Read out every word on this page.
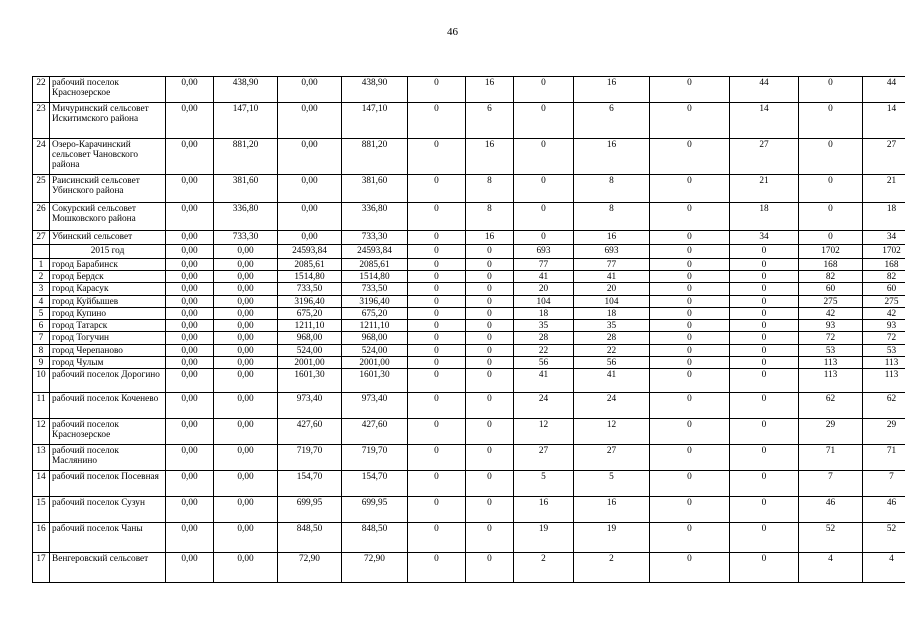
46
22	рабочий поселок Краснозерское	0,00	438,90	0,00	438,90	0	16	0	16	0	44	0	44
23	Мичуринский сельсовет Искитимского района	0,00	147,10	0,00	147,10	0	6	0	6	0	14	0	14
24	Озеро-Карачинский сельсовет Чановского района	0,00	881,20	0,00	881,20	0	16	0	16	0	27	0	27
25	Раисинский сельсовет Убинского района	0,00	381,60	0,00	381,60	0	8	0	8	0	21	0	21
26	Сокурский сельсовет Мошковского района	0,00	336,80	0,00	336,80	0	8	0	8	0	18	0	18
27	Убинский сельсовет	0,00	733,30	0,00	733,30	0	16	0	16	0	34	0	34
	2015 год	0,00	0,00	24593,84	24593,84	0	0	693	693	0	0	1702	1702
1	город Барабинск	0,00	0,00	2085,61	2085,61	0	0	77	77	0	0	168	168
2	город Бердск	0,00	0,00	1514,80	1514,80	0	0	41	41	0	0	82	82
3	город Карасук	0,00	0,00	733,50	733,50	0	0	20	20	0	0	60	60
4	город Куйбышев	0,00	0,00	3196,40	3196,40	0	0	104	104	0	0	275	275
5	город Купино	0,00	0,00	675,20	675,20	0	0	18	18	0	0	42	42
6	город Татарск	0,00	0,00	1211,10	1211,10	0	0	35	35	0	0	93	93
7	город Тогучин	0,00	0,00	968,00	968,00	0	0	28	28	0	0	72	72
8	город Черепаново	0,00	0,00	524,00	524,00	0	0	22	22	0	0	53	53
9	город Чулым	0,00	0,00	2001,00	2001,00	0	0	56	56	0	0	113	113
10	рабочий поселок Дорогино	0,00	0,00	1601,30	1601,30	0	0	41	41	0	0	113	113
11	рабочий поселок Коченево	0,00	0,00	973,40	973,40	0	0	24	24	0	0	62	62
12	рабочий поселок Краснозерское	0,00	0,00	427,60	427,60	0	0	12	12	0	0	29	29
13	рабочий поселок Маслянино	0,00	0,00	719,70	719,70	0	0	27	27	0	0	71	71
14	рабочий поселок Посевная	0,00	0,00	154,70	154,70	0	0	5	5	0	0	7	7
15	рабочий поселок Сузун	0,00	0,00	699,95	699,95	0	0	16	16	0	0	46	46
16	рабочий поселок Чаны	0,00	0,00	848,50	848,50	0	0	19	19	0	0	52	52
17	Венгеровский сельсовет	0,00	0,00	72,90	72,90	0	0	2	2	0	0	4	4
